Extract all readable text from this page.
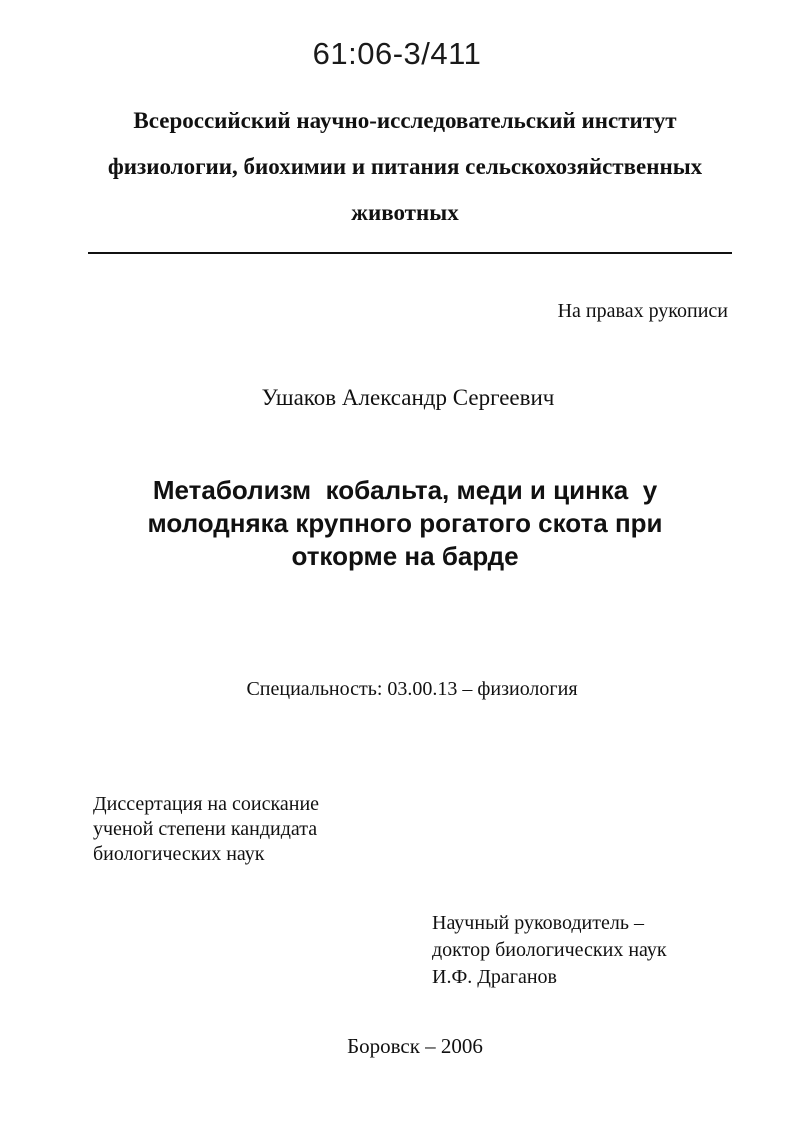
61:06-3/411
Всероссийский научно-исследовательский институт
физиологии, биохимии и питания сельскохозяйственных
животных
На правах рукописи
Ушаков Александр Сергеевич
Метаболизм  кобальта, меди и цинка  у
молодняка крупного рогатого скота при
откорме на барде
Специальность: 03.00.13 – физиология
Диссертация на соискание
ученой степени кандидата
биологических наук
Научный руководитель –
доктор биологических наук
И.Ф. Драганов
Боровск – 2006
